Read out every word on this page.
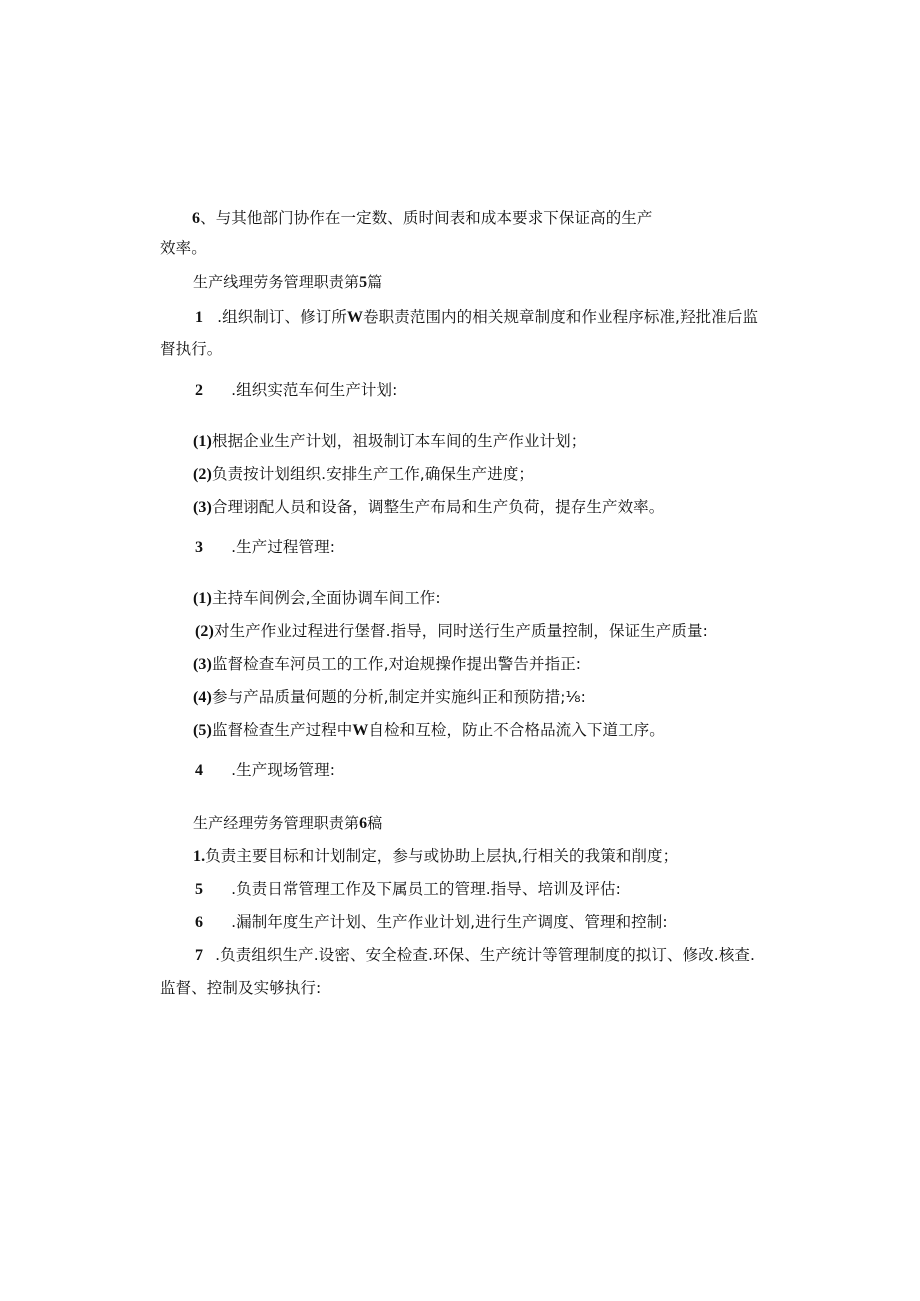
6、与其他部门协作在一定数、质时间表和成本要求下保证高的生产
效率。
生产线理劳务管理职责第5篇
1 .组织制订、修订所W卷职责范围内的相关规章制度和作业程序标准,羟批准后监
督执行。
2 .组织实范车何生产计划:
(1)根据企业生产计划，祖圾制订本车间的生产作业计划；
(2)负责按计划组织.安排生产工作,确保生产进度；
(3)合理诩配人员和设备，调整生产布局和生产负荷，提存生产效率。
3 .生产过程管理:
(1)主持车间例会,全面协调车间工作:
(2)对生产作业过程进行堡督.指导，同时送行生产质量控制，保证生产质量:
(3)监督检查车河员工的工作,对迨规操作提出警告并指正:
(4)参与产品质量何题的分析,制定并实施纠正和预防措;⅛:
(5)监督检查生产过程中W自检和互检，防止不合格品流入下道工序。
4 .生产现场管理:
生产经理劳务管理职责第6稿
1.负责主要目标和计划制定，参与或协助上层执,行相关的我策和削度；
5 .负责日常管理工作及下属员工的管理.指导、培训及评估:
6 .漏制年度生产计划、生产作业计划,进行生产调度、管理和控制:
7 .负责组织生产.设密、安全检查.环保、生产统计等管理制度的拟订、修改.核查.
监督、控制及实够执行:
